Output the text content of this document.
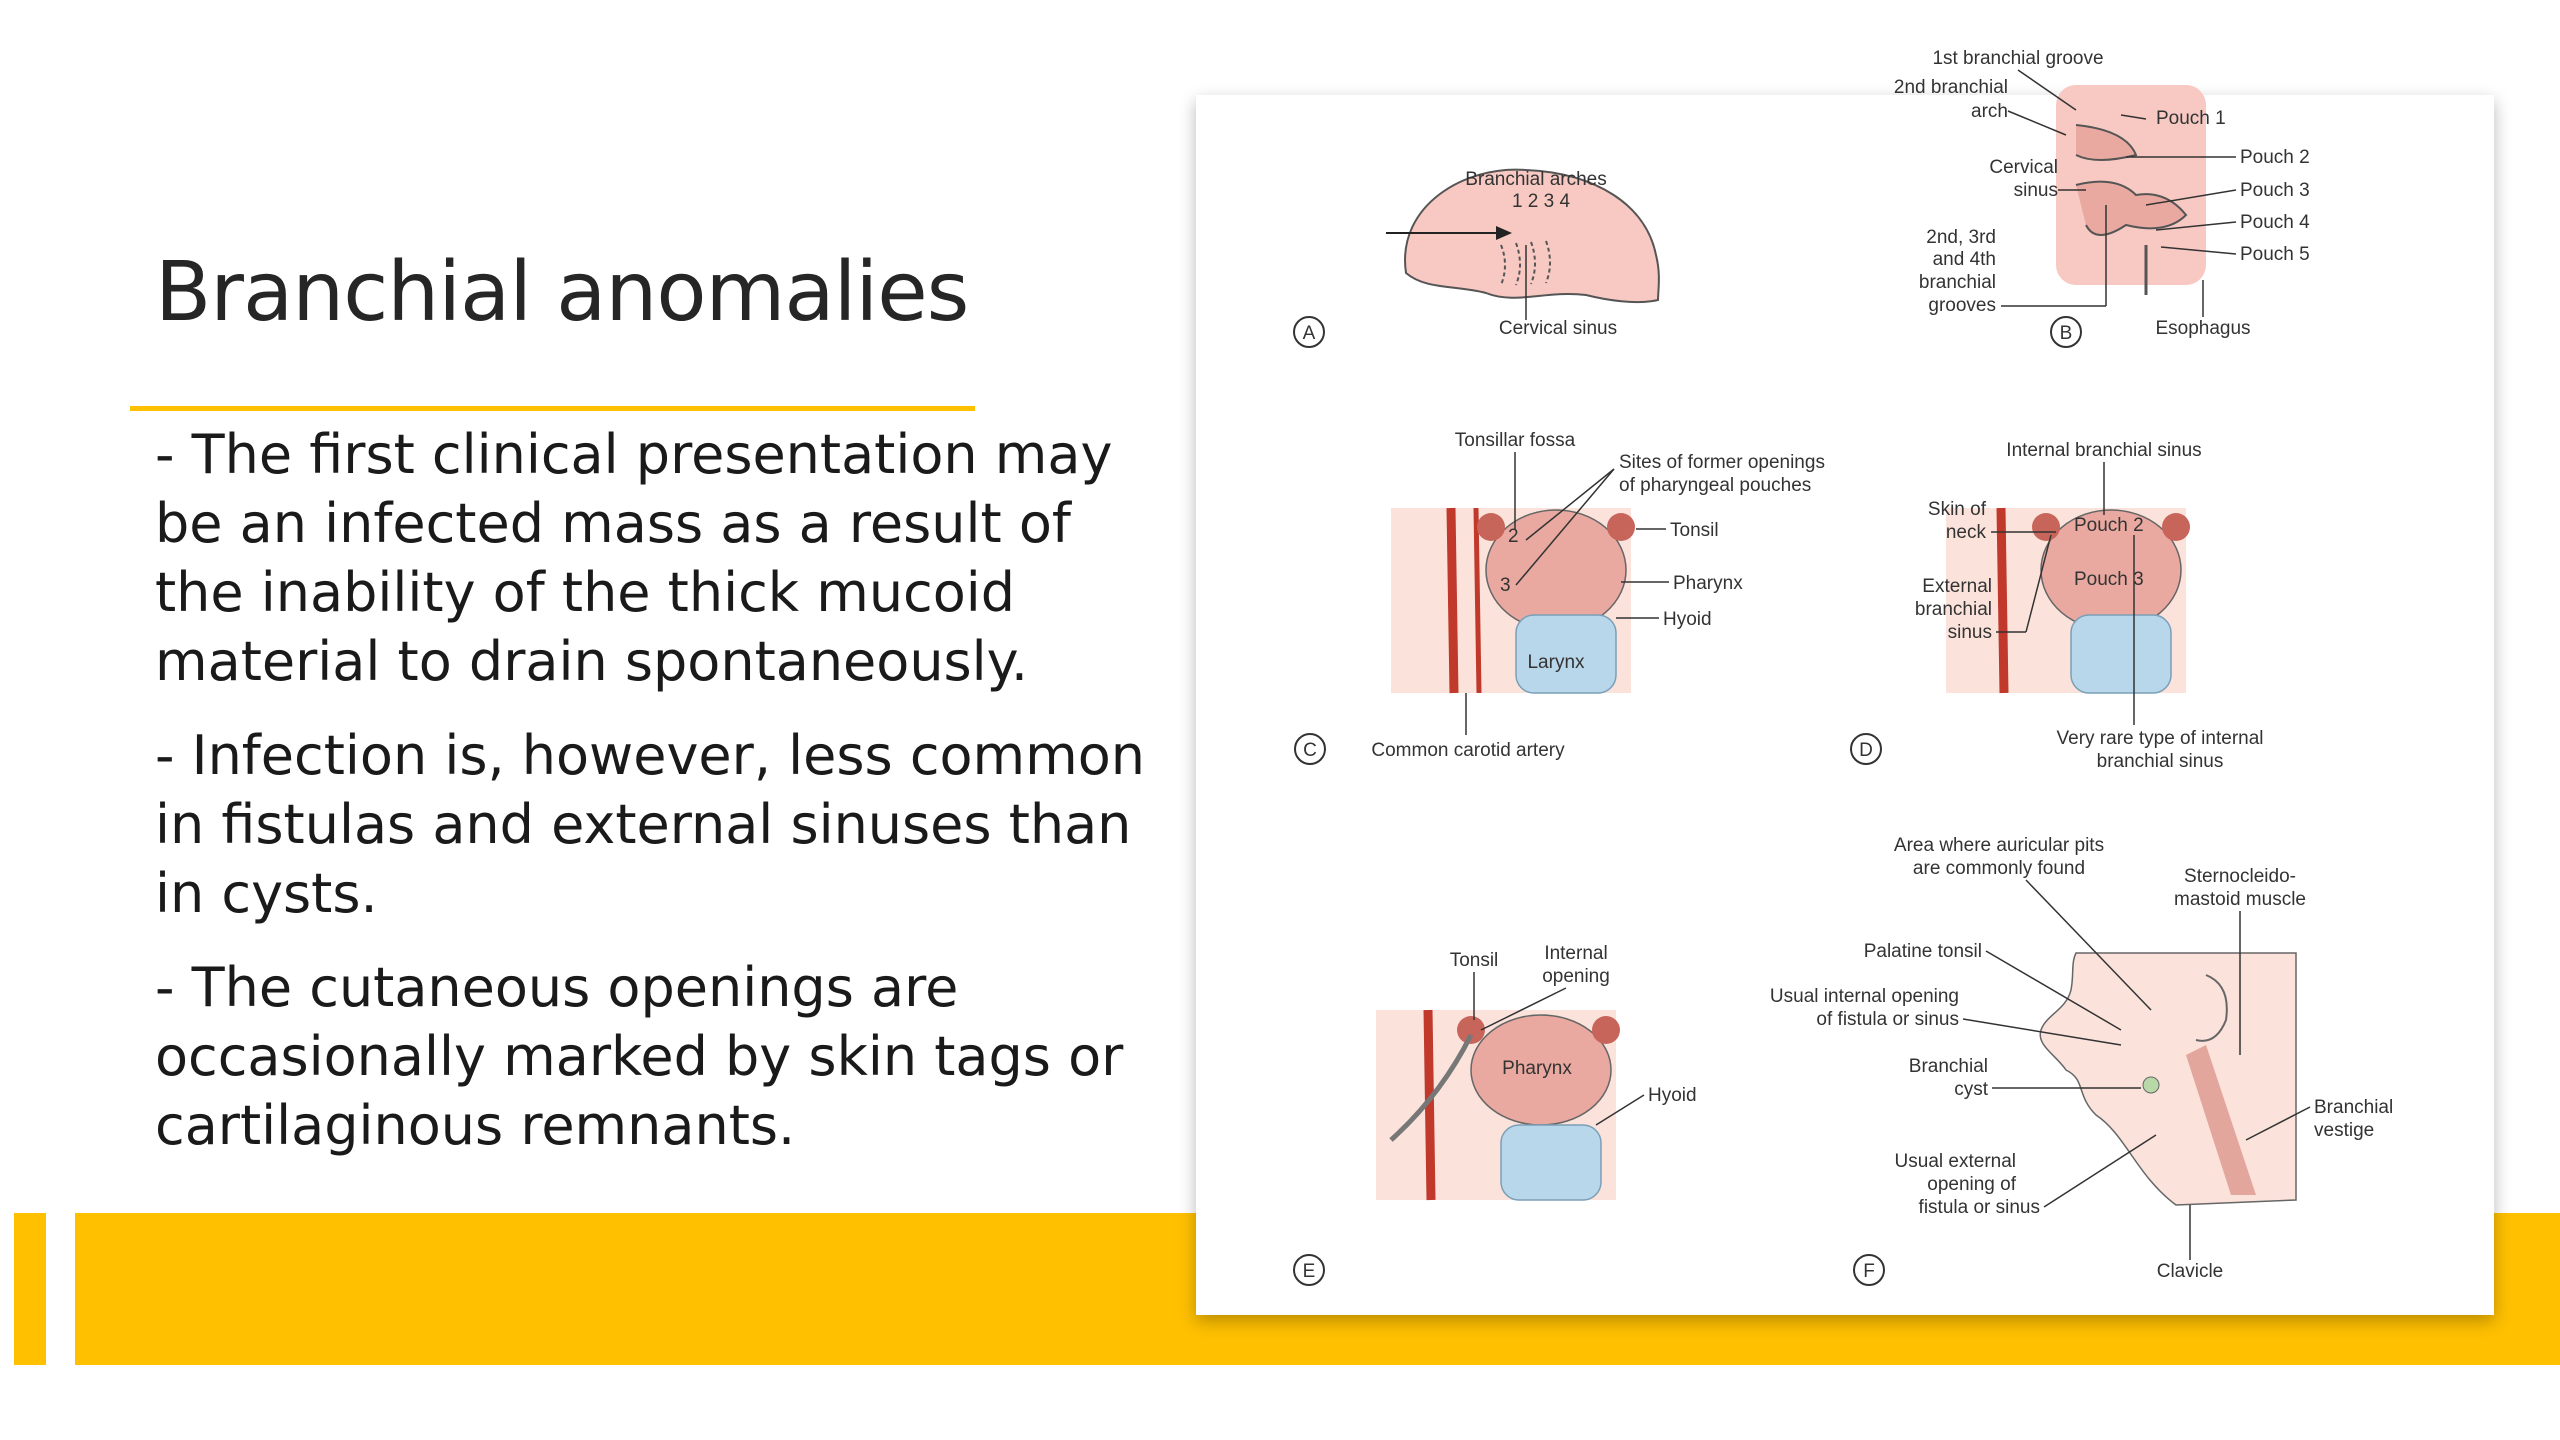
Branchial anomalies

- The first clinical presentation may be an infected mass as a result of the inability of the thick mucoid material to drain spontaneously.

- Infection is, however, less common in fistulas and external sinuses than in cysts.

- The cutaneous openings are occasionally marked by skin tags or cartilaginous remnants.

Branchial arches
1 2 3 4
Cervical sinus
A
1st branchial groove
2nd branchial
arch
Cervical
sinus
2nd, 3rd
and 4th
branchial
grooves
Pouch 1
Pouch 2
Pouch 3
Pouch 4
Pouch 5
Esophagus
B
Tonsillar fossa
Sites of former openings
of pharyngeal pouches
Tonsil
Pharynx
Hyoid
Larynx
2
3
Common carotid artery
C
Internal branchial sinus
Skin of
neck
External
branchial
sinus
Pouch 2
Pouch 3
Very rare type of internal
branchial sinus
D
Tonsil Internal
opening
Pharynx
Hyoid
E
Area where auricular pits
are commonly found	Sternocleido-
mastoid muscle
Palatine tonsil
Usual internal opening
of fistula or sinus
Branchial
cyst
Branchial
vestige
Usual external
opening of
fistula or sinus
Clavicle
F
